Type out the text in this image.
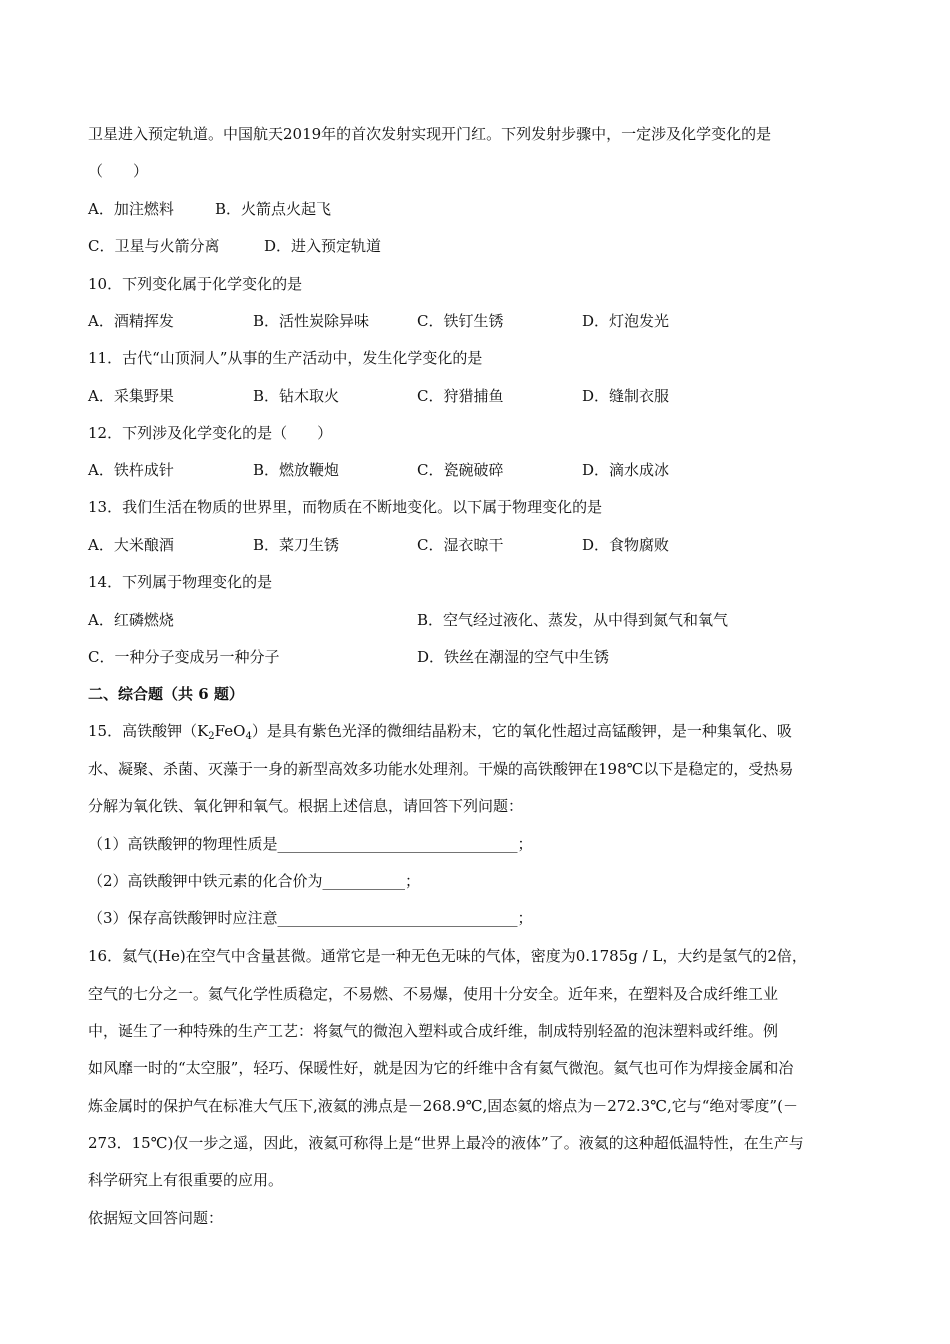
卫星进入预定轨道。中国航天2019年的首次发射实现开门红。下列发射步骤中，一定涉及化学变化的是
（　　）
A．加注燃料	B．火箭点火起飞
C．卫星与火箭分离	D．进入预定轨道
10．下列变化属于化学变化的是
A．酒精挥发	B．活性炭除异味	C．铁钉生锈	D．灯泡发光
11．古代“山顶洞人”从事的生产活动中，发生化学变化的是
A．采集野果	B．钻木取火	C．狩猎捕鱼	D．缝制衣服
12．下列涉及化学变化的是（　　）
A．铁杵成针	B．燃放鞭炮	C．瓷碗破碎	D．滴水成冰
13．我们生活在物质的世界里，而物质在不断地变化。以下属于物理变化的是
A．大米酿酒	B．菜刀生锈	C．湿衣晾干	D．食物腐败
14．下列属于物理变化的是
A．红磷燃烧	B．空气经过液化、蒸发，从中得到氮气和氧气
C．一种分子变成另一种分子	D．铁丝在潮湿的空气中生锈
二、综合题（共 6 题）
15．高铁酸钾$(K_2FeO_4)$是具有紫色光泽的微细结晶粉末，它的氧化性超过高锰酸钾，是一种集氧化、吸
水、凝聚、杀菌、灭藻于一身的新型高效多功能水处理剂。干燥的高铁酸钾在198℃以下是稳定的，受热易
分解为氧化铁、氧化钾和氧气。根据上述信息，请回答下列问题：
（1）高铁酸钾的物理性质是________________________________；
（2）高铁酸钾中铁元素的化合价为___________；
（3）保存高铁酸钾时应注意________________________________；
16．氦气(He)在空气中含量甚微。通常它是一种无色无味的气体，密度为0.1785g / L，大约是氢气的2倍，
空气的七分之一。氦气化学性质稳定，不易燃、不易爆，使用十分安全。近年来，在塑料及合成纤维工业
中，诞生了一种特殊的生产工艺：将氦气的微泡入塑料或合成纤维，制成特别轻盈的泡沫塑料或纤维。例
如风靡一时的“太空服”，轻巧、保暖性好，就是因为它的纤维中含有氦气微泡。氦气也可作为焊接金属和冶
炼金属时的保护气在标准大气压下,液氦的沸点是－268.9℃,固态氦的熔点为－272.3℃,它与“绝对零度”(－
273．15℃)仅一步之遥，因此，液氦可称得上是“世界上最冷的液体”了。液氦的这种超低温特性，在生产与
科学研究上有很重要的应用。
依据短文回答问题：
